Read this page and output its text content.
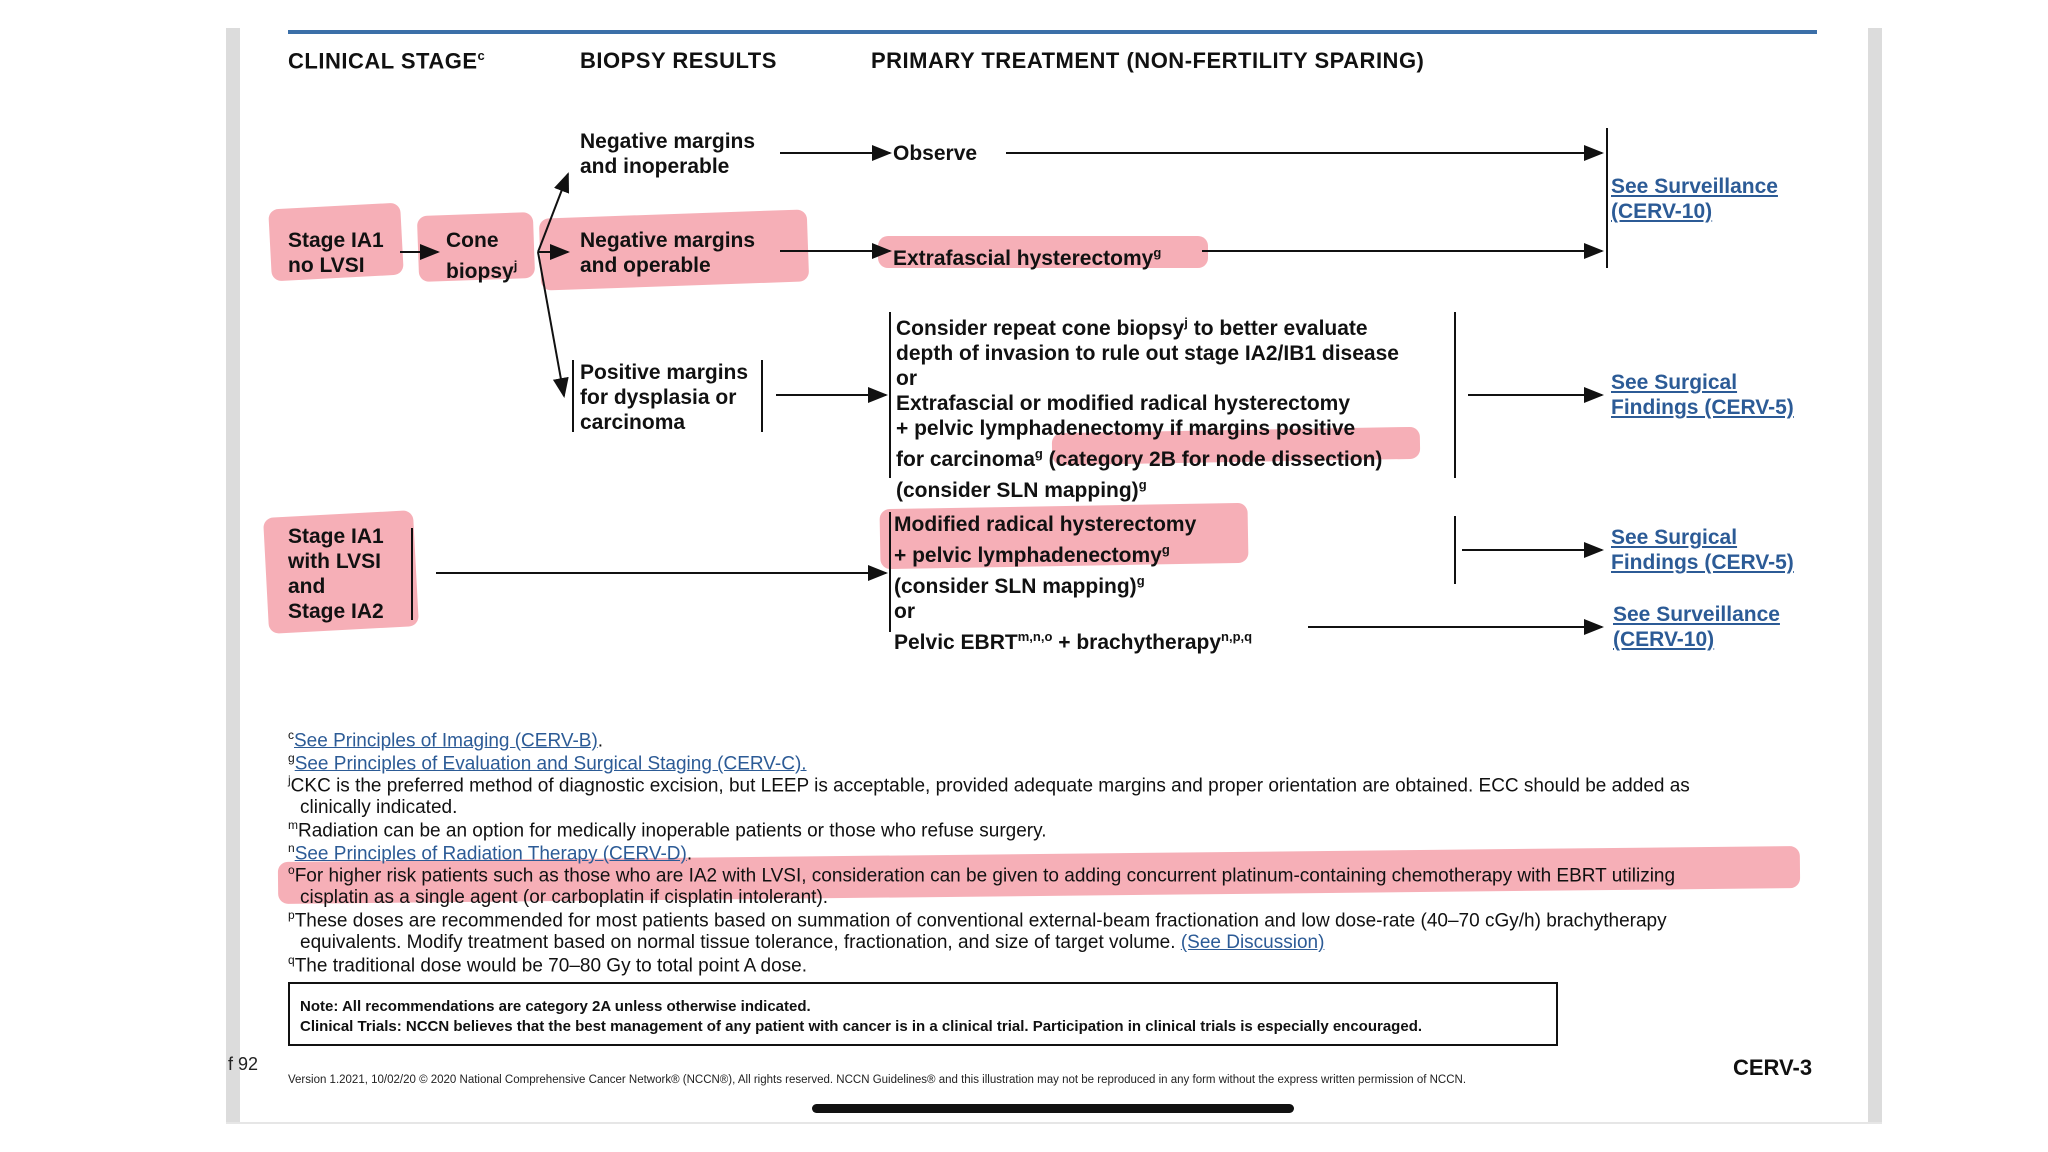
CLINICAL STAGE$^c$	BIOPSY RESULTS	PRIMARY TREATMENT (NON-FERTILITY SPARING)
Stage IA1
no LVSI
Cone
biopsy$^j$
Negative margins
and inoperable
Observe
Negative margins
and operable	Extrafascial hysterectomy$^g$
Positive margins
for dysplasia or
carcinoma
Consider repeat cone biopsy$^j$ to better evaluate
depth of invasion to rule out stage IA2/IB1 disease
or
Extrafascial or modified radical hysterectomy
+ pelvic lymphadenectomy if margins positive
for carcinoma$^g$ (category 2B for node dissection)
(consider SLN mapping)$^g$
Stage IA1
with LVSI
and
Stage IA2
Modified radical hysterectomy
+ pelvic lymphadenectomy$^g$
(consider SLN mapping)$^g$
or
Pelvic EBRT$^{m,n,o}$ + brachytherapy$^{n,p,q}$
See Surveillance
(CERV-10)
See Surgical
Findings (CERV-5)
See Surgical
Findings (CERV-5)
See Surveillance
(CERV-10)
$^c$See Principles of Imaging (CERV-B).
$^g$See Principles of Evaluation and Surgical Staging (CERV-C).
$^j$CKC is the preferred method of diagnostic excision, but LEEP is acceptable, provided adequate margins and proper orientation are obtained. ECC should be added as
clinically indicated.
$^m$Radiation can be an option for medically inoperable patients or those who refuse surgery.
$^n$See Principles of Radiation Therapy (CERV-D).
$^o$For higher risk patients such as those who are IA2 with LVSI, consideration can be given to adding concurrent platinum-containing chemotherapy with EBRT utilizing
cisplatin as a single agent (or carboplatin if cisplatin intolerant).
$^p$These doses are recommended for most patients based on summation of conventional external-beam fractionation and low dose-rate (40–70 cGy/h) brachytherapy
equivalents. Modify treatment based on normal tissue tolerance, fractionation, and size of target volume. (See Discussion)
$^q$The traditional dose would be 70–80 Gy to total point A dose.
Note: All recommendations are category 2A unless otherwise indicated.
Clinical Trials: NCCN believes that the best management of any patient with cancer is in a clinical trial. Participation in clinical trials is especially encouraged.
f 92
Version 1.2021, 10/02/20 © 2020 National Comprehensive Cancer Network® (NCCN®), All rights reserved. NCCN Guidelines® and this illustration may not be reproduced in any form without the express written permission of NCCN.	CERV-3
